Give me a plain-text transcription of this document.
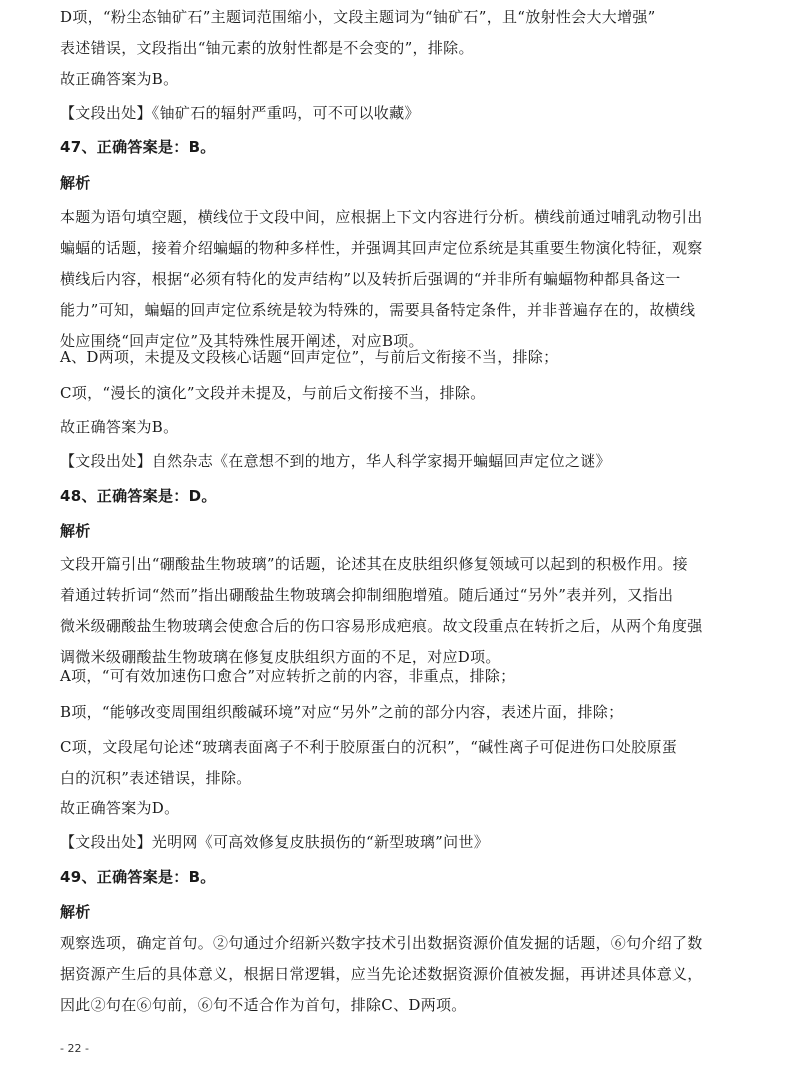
D项，“粉尘态铀矿石”主题词范围缩小，文段主题词为“铀矿石”，且“放射性会大大增强”
表述错误，文段指出“铀元素的放射性都是不会变的”，排除。
故正确答案为B。
【文段出处】《铀矿石的辐射严重吗，可不可以收藏》
47、正确答案是：B。
解析
本题为语句填空题，横线位于文段中间，应根据上下文内容进行分析。横线前通过哺乳动物引出
蝙蝠的话题，接着介绍蝙蝠的物种多样性，并强调其回声定位系统是其重要生物演化特征，观察
横线后内容，根据“必须有特化的发声结构”以及转折后强调的“并非所有蝙蝠物种都具备这一
能力”可知，蝙蝠的回声定位系统是较为特殊的，需要具备特定条件，并非普遍存在的，故横线
处应围绕“回声定位”及其特殊性展开阐述，对应B项。
A、D两项，未提及文段核心话题“回声定位”，与前后文衔接不当，排除；
C项，“漫长的演化”文段并未提及，与前后文衔接不当，排除。
故正确答案为B。
【文段出处】自然杂志《在意想不到的地方，华人科学家揭开蝙蝠回声定位之谜》
48、正确答案是：D。
解析
文段开篇引出“硼酸盐生物玻璃”的话题，论述其在皮肤组织修复领域可以起到的积极作用。接
着通过转折词“然而”指出硼酸盐生物玻璃会抑制细胞增殖。随后通过“另外”表并列，又指出
微米级硼酸盐生物玻璃会使愈合后的伤口容易形成疤痕。故文段重点在转折之后，从两个角度强
调微米级硼酸盐生物玻璃在修复皮肤组织方面的不足，对应D项。
A项，“可有效加速伤口愈合”对应转折之前的内容，非重点，排除；
B项，“能够改变周围组织酸碱环境”对应“另外”之前的部分内容，表述片面，排除；
C项，文段尾句论述“玻璃表面离子不利于胶原蛋白的沉积”，“碱性离子可促进伤口处胶原蛋
白的沉积”表述错误，排除。
故正确答案为D。
【文段出处】光明网《可高效修复皮肤损伤的“新型玻璃”问世》
49、正确答案是：B。
解析
观察选项，确定首句。②句通过介绍新兴数字技术引出数据资源价值发掘的话题，⑥句介绍了数
据资源产生后的具体意义，根据日常逻辑，应当先论述数据资源价值被发掘，再讲述具体意义，
因此②句在⑥句前，⑥句不适合作为首句，排除C、D两项。
- 22 -
